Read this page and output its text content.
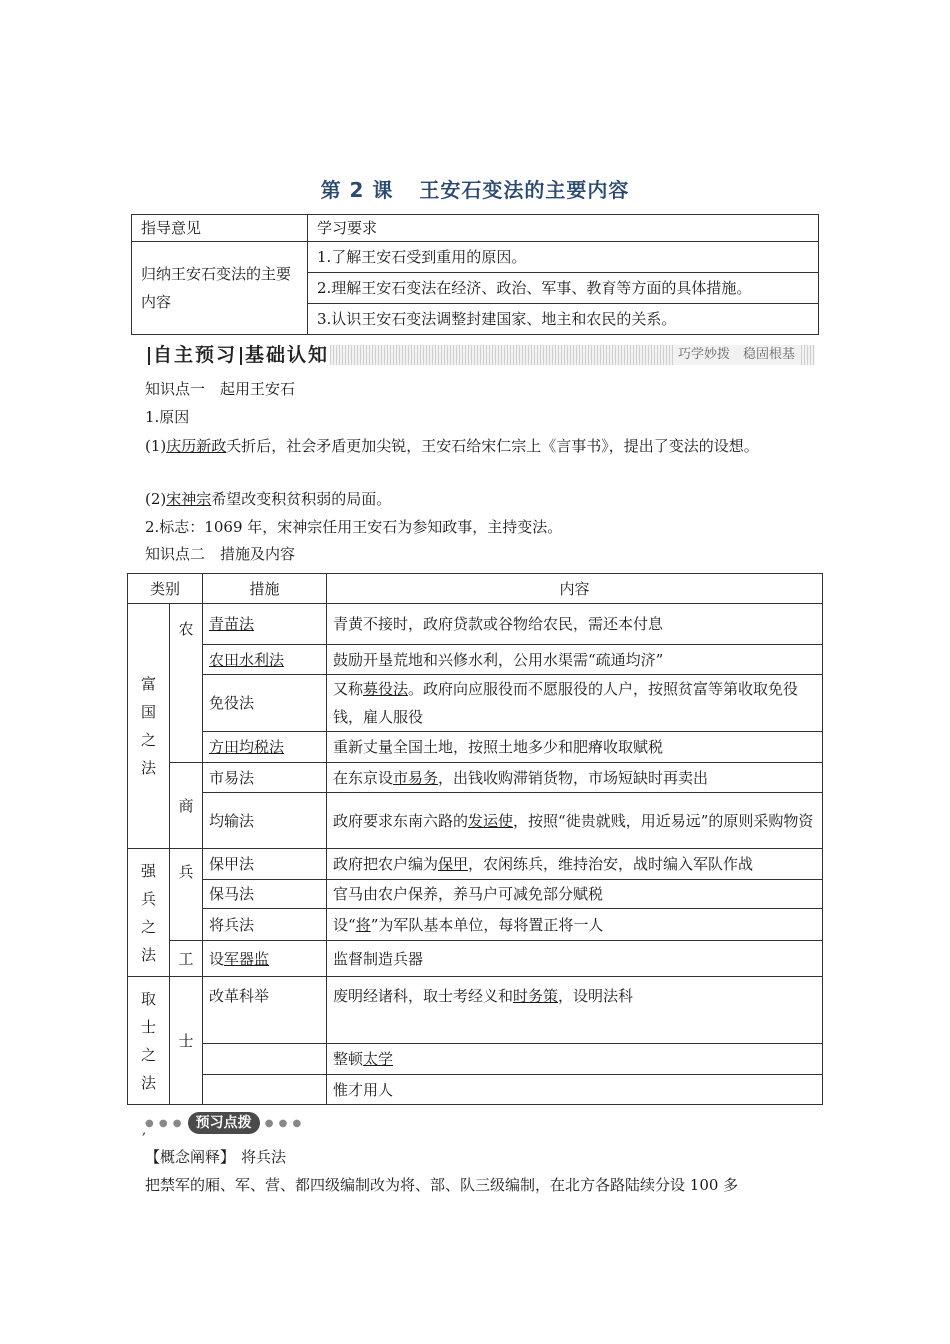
第 2 课 王安石变法的主要内容
指导意见	学习要求
归纳王安石变法的主要内容	1.了解王安石受到重用的原因。
	2.理解王安石变法在经济、政治、军事、教育等方面的具体措施。
	3.认识王安石变法调整封建国家、地主和农民的关系。
自主预习 基础认知	巧学妙拨　稳固根基
知识点一　起用王安石
1.原因
(1)庆历新政夭折后，社会矛盾更加尖锐，王安石给宋仁宗上《言事书》，提出了变法的设想。
(2)宋神宗希望改变积贫积弱的局面。
2.标志：1069 年，宋神宗任用王安石为参知政事，主持变法。
知识点二　措施及内容
类别		措施	内容

富国之法	农	青苗法	青黄不接时，政府贷款或谷物给农民，需还本付息
		农田水利法	鼓励开垦荒地和兴修水利，公用水渠需“疏通均济”
		免役法	又称募役法。政府向应服役而不愿服役的人户，按照贫富等第收取免役钱，雇人服役
		方田均税法	重新丈量全国土地，按照土地多少和肥瘠收取赋税
	商	市易法	在东京设市易务，出钱收购滞销货物，市场短缺时再卖出
		均输法	政府要求东南六路的发运使，按照“徙贵就贱，用近易远”的原则采购物资

强兵之法	兵	保甲法	政府把农户编为保甲，农闲练兵，维持治安，战时编入军队作战
		保马法	官马由农户保养，养马户可减免部分赋税
		将兵法	设“将”为军队基本单位，每将置正将一人
	工	设军器监	监督制造兵器

取士之法	士	改革科举	废明经诸科，取士考经义和时务策，设明法科
			整顿太学
			惟才用人
● ● ● 预习点拨 ● ● ●
,
【概念阐释】 将兵法
把禁军的厢、军、营、都四级编制改为将、部、队三级编制，在北方各路陆续分设 100 多
